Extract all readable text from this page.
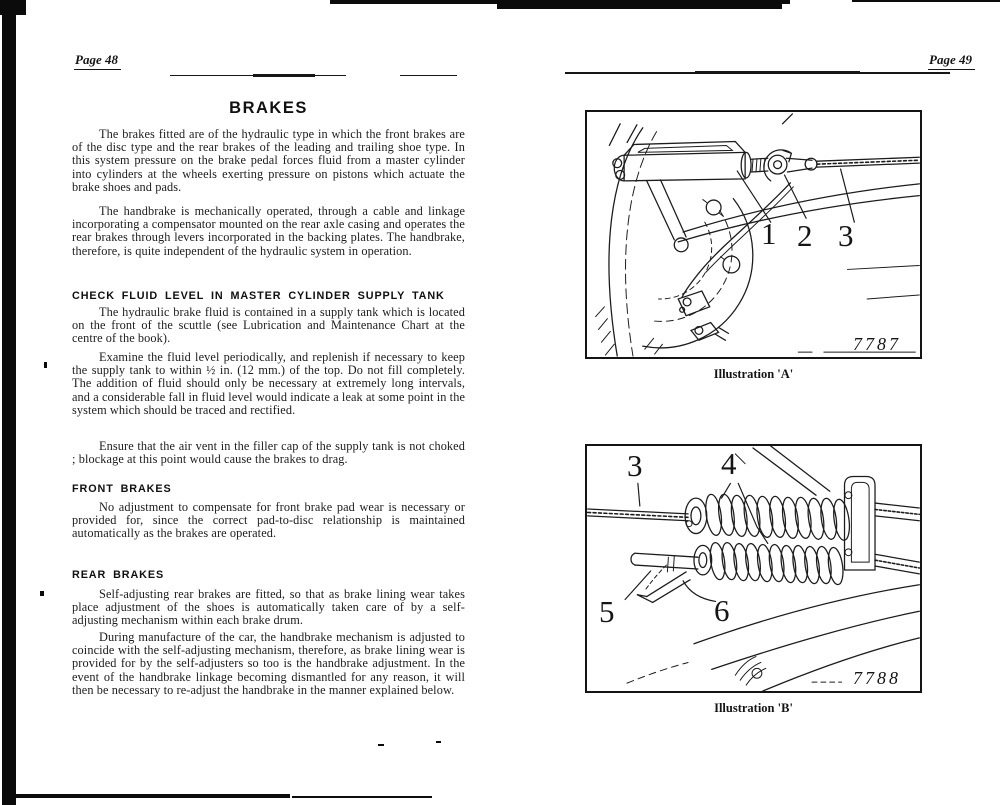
Page 48
BRAKES

The brakes fitted are of the hydraulic type in which the front brakes are of the disc type and the rear brakes of the leading and trailing shoe type. In this system pressure on the brake pedal forces fluid from a master cylinder into cylinders at the wheels exerting pressure on pistons which actuate the brake shoes and pads.

The handbrake is mechanically operated, through a cable and linkage incorporating a compensator mounted on the rear axle casing and operates the rear brakes through levers incorporated in the backing plates. The handbrake, therefore, is quite independent of the hydraulic system in operation.

CHECK FLUID LEVEL IN MASTER CYLINDER SUPPLY TANK

The hydraulic brake fluid is contained in a supply tank which is located on the front of the scuttle (see Lubrication and Maintenance Chart at the centre of the book).

Examine the fluid level periodically, and replenish if necessary to keep the supply tank to within ½ in. (12 mm.) of the top. Do not fill completely. The addition of fluid should only be necessary at extremely long intervals, and a considerable fall in fluid level would indicate a leak at some point in the system which should be traced and rectified.

Ensure that the air vent in the filler cap of the supply tank is not choked ; blockage at this point would cause the brakes to drag.

FRONT BRAKES

No adjustment to compensate for front brake pad wear is necessary or provided for, since the correct pad-to-disc relationship is maintained automatically as the brakes are operated.

REAR BRAKES

Self-adjusting rear brakes are fitted, so that as brake lining wear takes place adjustment of the shoes is automatically taken care of by a self-adjusting mechanism within each brake drum.

During manufacture of the car, the handbrake mechanism is adjusted to coincide with the self-adjusting mechanism, therefore, as brake lining wear is provided for by the self-adjusters so too is the handbrake adjustment. In the event of the handbrake linkage becoming dismantled for any reason, it will then be necessary to re-adjust the handbrake in the manner explained below.

Page 49
1 2 3
7787
Illustration 'A'
3	4
5	6
7788
Illustration 'B'
